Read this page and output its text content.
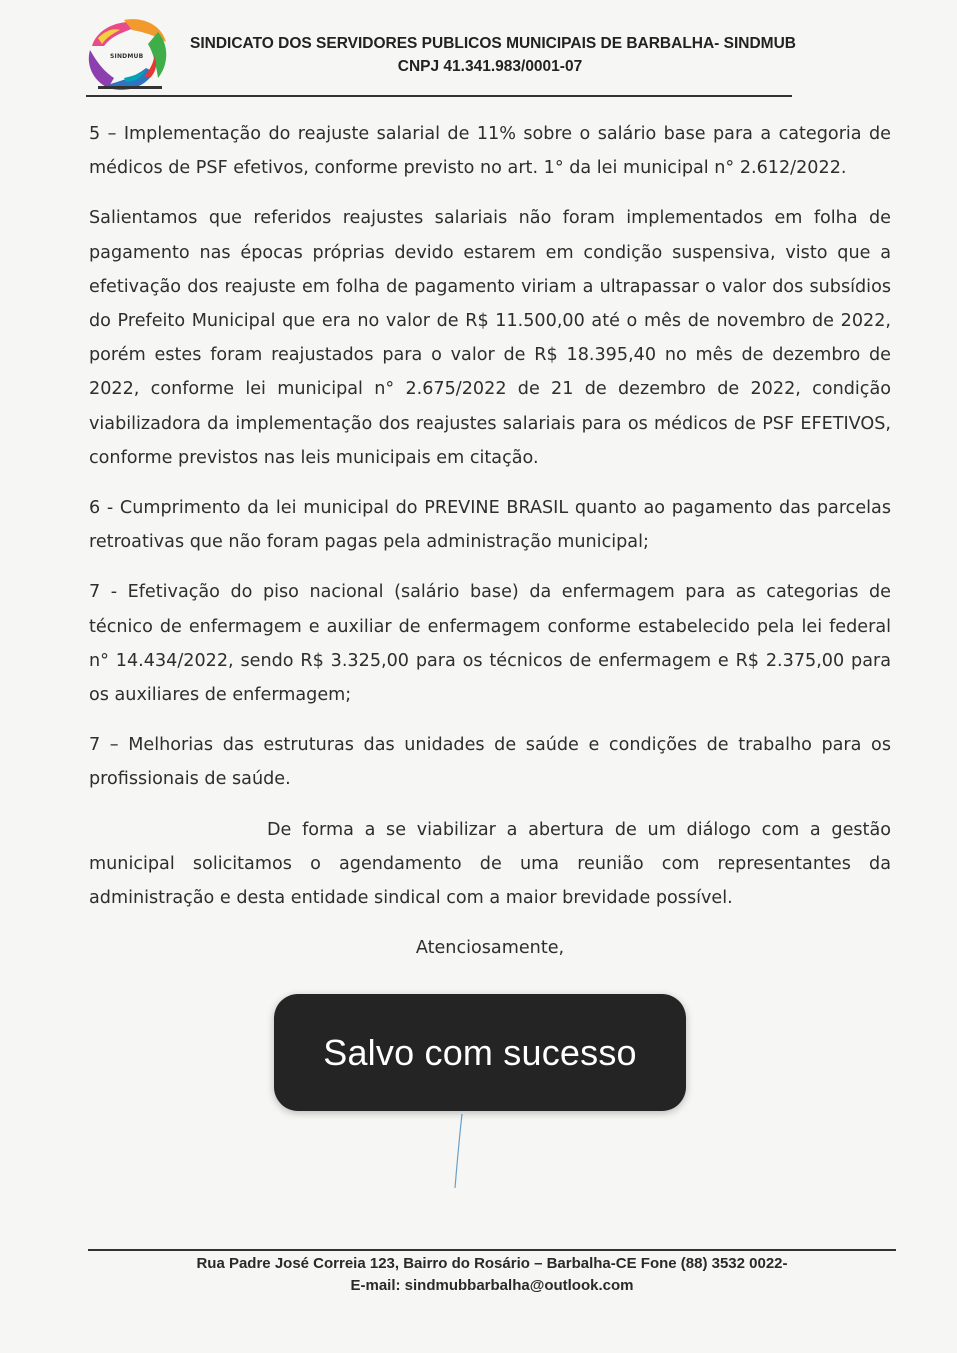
SINDMUB
SINDICATO DOS SERVIDORES PUBLICOS MUNICIPAIS DE BARBALHA- SINDMUB
CNPJ 41.341.983/0001-07

5 – Implementação do reajuste salarial de 11% sobre o salário base para a categoria de médicos de PSF efetivos, conforme previsto no art. 1° da lei municipal n° 2.612/2022.

Salientamos que referidos reajustes salariais não foram implementados em folha de pagamento nas épocas próprias devido estarem em condição suspensiva, visto que a efetivação dos reajuste em folha de pagamento viriam a ultrapassar o valor dos subsídios do Prefeito Municipal que era no valor de R$ 11.500,00 até o mês de novembro de 2022, porém estes foram reajustados para o valor de R$ 18.395,40 no mês de dezembro de 2022, conforme lei municipal n° 2.675/2022 de 21 de dezembro de 2022, condição viabilizadora da implementação dos reajustes salariais para os médicos de PSF EFETIVOS, conforme previstos nas leis municipais em citação.

6 - Cumprimento da lei municipal do PREVINE BRASIL quanto ao pagamento das parcelas retroativas que não foram pagas pela administração municipal;

7 - Efetivação do piso nacional (salário base) da enfermagem para as categorias de técnico de enfermagem e auxiliar de enfermagem conforme estabelecido pela lei federal n° 14.434/2022, sendo R$ 3.325,00 para os técnicos de enfermagem e R$ 2.375,00 para os auxiliares de enfermagem;

7 – Melhorias das estruturas das unidades de saúde e condições de trabalho para os profissionais de saúde.

De forma a se viabilizar a abertura de um diálogo com a gestão municipal solicitamos o agendamento de uma reunião com representantes da administração e desta entidade sindical com a maior brevidade possível.

Atenciosamente,

Rua Padre José Correia 123, Bairro do Rosário – Barbalha-CE Fone (88) 3532 0022-
E-mail: sindmubbarbalha@outlook.com
Salvo com sucesso
